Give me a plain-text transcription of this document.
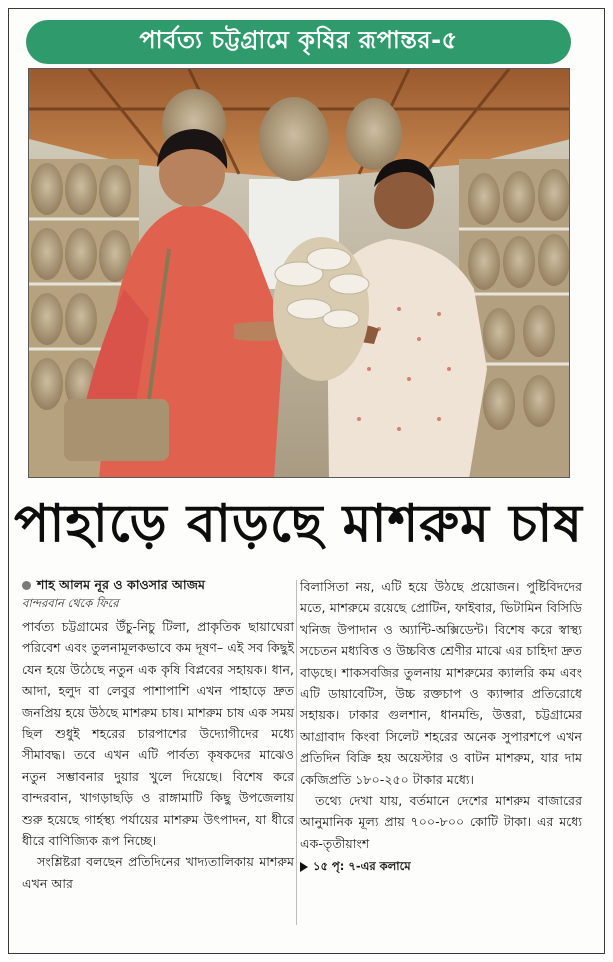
পার্বত্য চট্টগ্রামে কৃষির রূপান্তর-৫
পাহাড়ে বাড়ছে মাশরুম চাষ
শাহ আলম নূর ও কাওসার আজম
বান্দরবান থেকে ফিরে

পার্বত্য চট্টগ্রামের উঁচু-নিচু টিলা, প্রাকৃতিক ছায়াঘেরা পরিবেশ এবং তুলনামূলকভাবে কম দূষণ– এই সব কিছুই যেন হয়ে উঠেছে নতুন এক কৃষি বিপ্লবের সহায়ক। ধান, আদা, হলুদ বা লেবুর পাশাপাশি এখন পাহাড়ে দ্রুত জনপ্রিয় হয়ে উঠছে মাশরুম চাষ। মাশরুম চাষ এক সময় ছিল শুধুই শহরের চারপাশের উদ্যোগীদের মধ্যে সীমাবদ্ধ। তবে এখন এটি পার্বত্য কৃষকদের মাঝেও নতুন সম্ভাবনার দুয়ার খুলে দিয়েছে। বিশেষ করে বান্দরবান, খাগড়াছড়ি ও রাঙ্গামাটি কিছু উপজেলায় শুরু হয়েছে গার্হস্থ্য পর্যায়ের মাশরুম উৎপাদন, যা ধীরে ধীরে বাণিজ্যিক রূপ নিচ্ছে।

সংশ্লিষ্টরা বলছেন প্রতিদিনের খাদ্যতালিকায় মাশরুম এখন আর

বিলাসিতা নয়, এটি হয়ে উঠছে প্রয়োজন। পুষ্টিবিদদের মতে, মাশরুমে রয়েছে প্রোটিন, ফাইবার, ভিটামিন বিসিডি খনিজ উপাদান ও অ্যান্টি-অক্সিডেন্ট। বিশেষ করে স্বাস্থ্য সচেতন মধ্যবিত্ত ও উচ্চবিত্ত শ্রেণীর মাঝে এর চাহিদা দ্রুত বাড়ছে। শাকসবজির তুলনায় মাশরুমের ক্যালরি কম এবং এটি ডায়াবেটিস, উচ্চ রক্তচাপ ও ক্যান্সার প্রতিরোধে সহায়ক। ঢাকার গুলশান, ধানমন্ডি, উত্তরা, চট্টগ্রামের আগ্রাবাদ কিংবা সিলেট শহরের অনেক সুপারশপে এখন প্রতিদিন বিক্রি হয় অয়েস্টার ও বাটন মাশরুম, যার দাম কেজিপ্রতি ১৮০-২৫০ টাকার মধ্যে।

তথ্যে দেখা যায়, বর্তমানে দেশের মাশরুম বাজারের আনুমানিক মূল্য প্রায় ৭০০-৮০০ কোটি টাকা। এর মধ্যে এক-তৃতীয়াংশ

১৫ পৃ: ৭-এর কলামে
